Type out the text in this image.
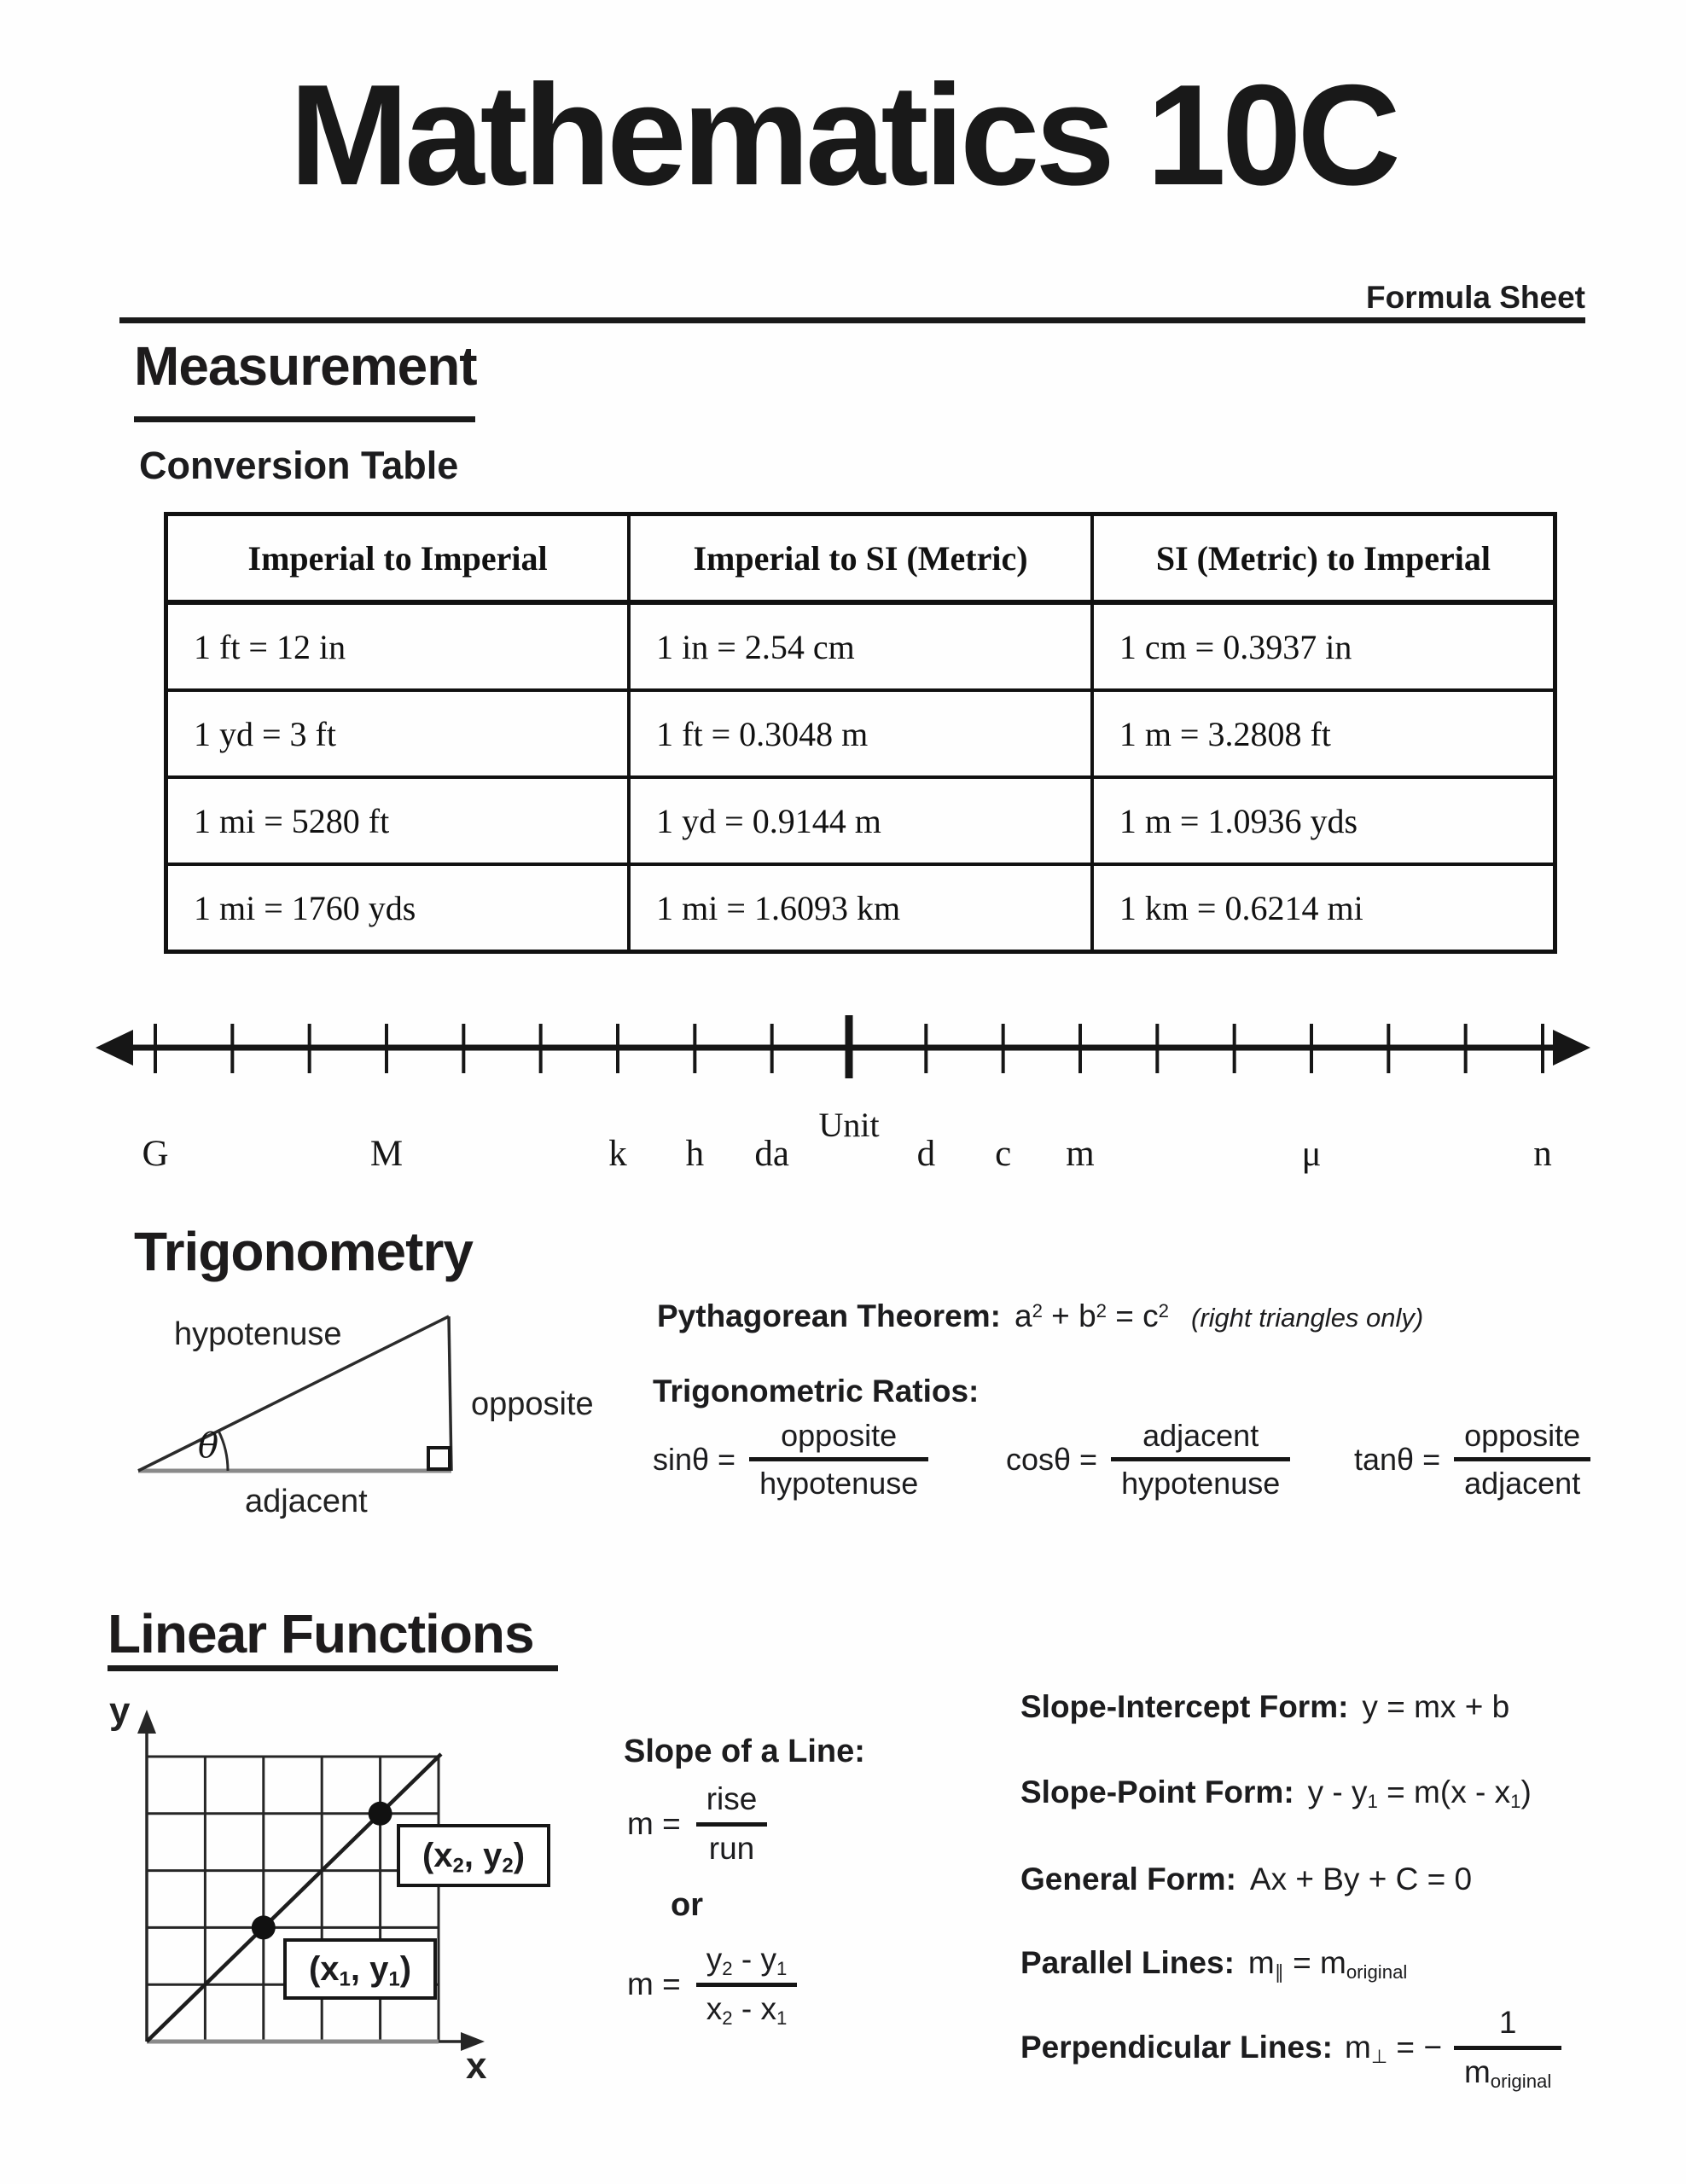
Mathematics 10C
Formula Sheet
Measurement
Conversion Table
Imperial to Imperial	Imperial to SI (Metric)	SI (Metric) to Imperial
1 ft = 12 in	1 in = 2.54 cm	1 cm = 0.3937 in
1 yd = 3 ft	1 ft = 0.3048 m	1 m = 3.2808 ft
1 mi = 5280 ft	1 yd = 0.9144 m	1 m = 1.0936 yds
1 mi = 1760 yds	1 mi = 1.6093 km	1 km = 0.6214 mi
G	M	k h da
Unit
d c m	μ	n
Trigonometry
θ
hypotenuse
opposite
adjacent
Pythagorean Theorem: $a^2 + b^2 = c^2$ (right triangles only)
Trigonometric Ratios:
sinθ =
opposite
hypotenuse
cosθ =
adjacent
hypotenuse
tanθ =
opposite
adjacent
Linear Functions
y
x
($x_2$, $y_2$)
($x_1$, $y_1$)
Slope of a Line:
m =
rise
run
or
m =
$y_2 - y_1$
$x_2 - x_1$
Slope-Intercept Form: y = mx + b
Slope-Point Form: $y - y_1 = m(x - x_1)$
General Form: Ax + By + C = 0
Parallel Lines: $m_\parallel = m_{original}$
Perpendicular Lines: $m_\perp$ = −
1
$m_{original}$
